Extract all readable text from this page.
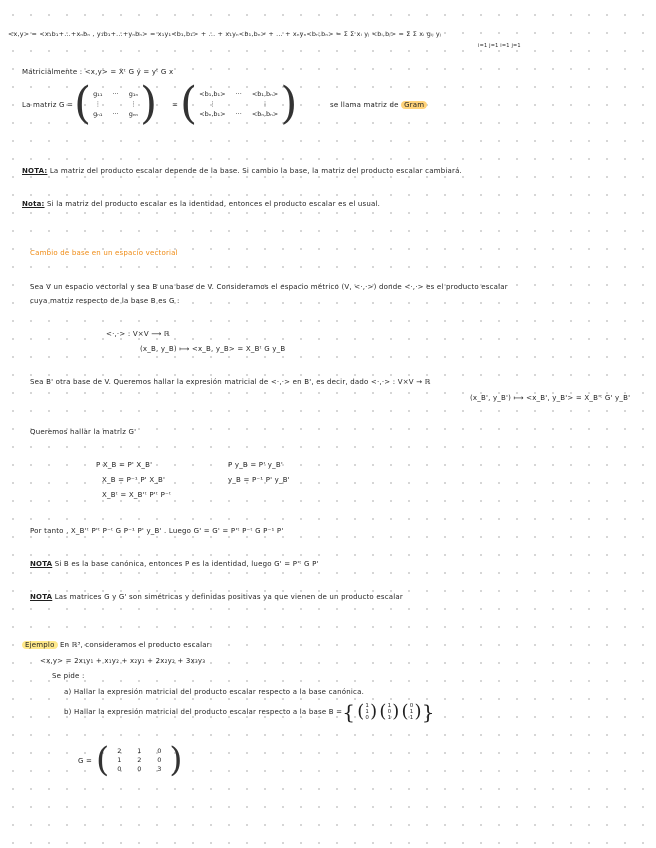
<x,y> = <x₁b₁+...+xₙbₙ , y₁b₁+...+yₙbₙ> = x₁y₁<b₁,b₁> + ... + x₁yₙ<b₁,bₙ> + ... + xₙyₙ<bₙ,bₙ> = Σ Σ xᵢ yⱼ <bᵢ,bⱼ> = Σ Σ xᵢ gᵢⱼ yⱼ
i=1 j=1 i=1 j=1
Matricialmente : <x,y> = Xᵗ G y = yᵗ G x
La matriz G = ( g₁₁ ··· g₁ₙ
⋮	⋮
gₙ₁ ··· gₙₙ ) = ( <b₁,b₁> ··· <b₁,bₙ>
⋮	⋮
<bₙ,b₁> ··· <bₙ,bₙ> )	se llama matriz de Gram
NOTA: La matriz del producto escalar depende de la base. Si cambio la base, la matriz del producto escalar cambiará.
Nota: Si la matriz del producto escalar es la identidad, entonces el producto escalar es el usual.
Cambio de base en un espacio vectorial
Sea V un espacio vectorial y sea B una base de V. Consideramos el espacio métrico (V, <·,·>) donde <·,·> es el producto escalar
cuya matriz respecto de la base B es G :
<·,·> : V×V ⟶ ℝ
(x_B, y_B) ⟼ <x_B, y_B> = X_Bᵗ G y_B
Sea B' otra base de V. Queremos hallar la expresión matricial de <·,·> en B', es decir, dado <·,·> : V×V → ℝ
(x_B', y_B') ⟼ <x_B', y_B'> = X_B'ᵗ G' y_B'
Queremos hallar la matriz G'
P X_B = P' X_B'
X_B = P⁻¹ P' X_B'
X_Bᵗ = X_B'ᵗ P'ᵗ P⁻ᵗ
P y_B = P' y_B'
y_B = P⁻¹ P' y_B'
Por tanto , X_B'ᵗ P'ᵗ P⁻ᵗ G P⁻¹ P' y_B' . Luego G' = G' = P'ᵗ P⁻ᵗ G P⁻¹ P'
NOTA Si B es la base canónica, entonces P es la identidad, luego G' = P'ᵗ G P'
NOTA Las matrices G y G' son simétricas y definidas positivas ya que vienen de un producto escalar
Ejemplo En ℝ³, consideramos el producto escalar:
<x,y> = 2x₁y₁ + x₁y₂ + x₂y₁ + 2x₂y₂ + 3x₃y₃
Se pide :
a) Hallar la expresión matricial del producto escalar respecto a la base canónica.
b) Hallar la expresión matricial del producto escalar respecto a la base B = { ( 1
1
0 ) ( 1
0
1 ) ( 0
1
1 ) }
G = (	2	1	0
1	2	0
0	0	3 )
